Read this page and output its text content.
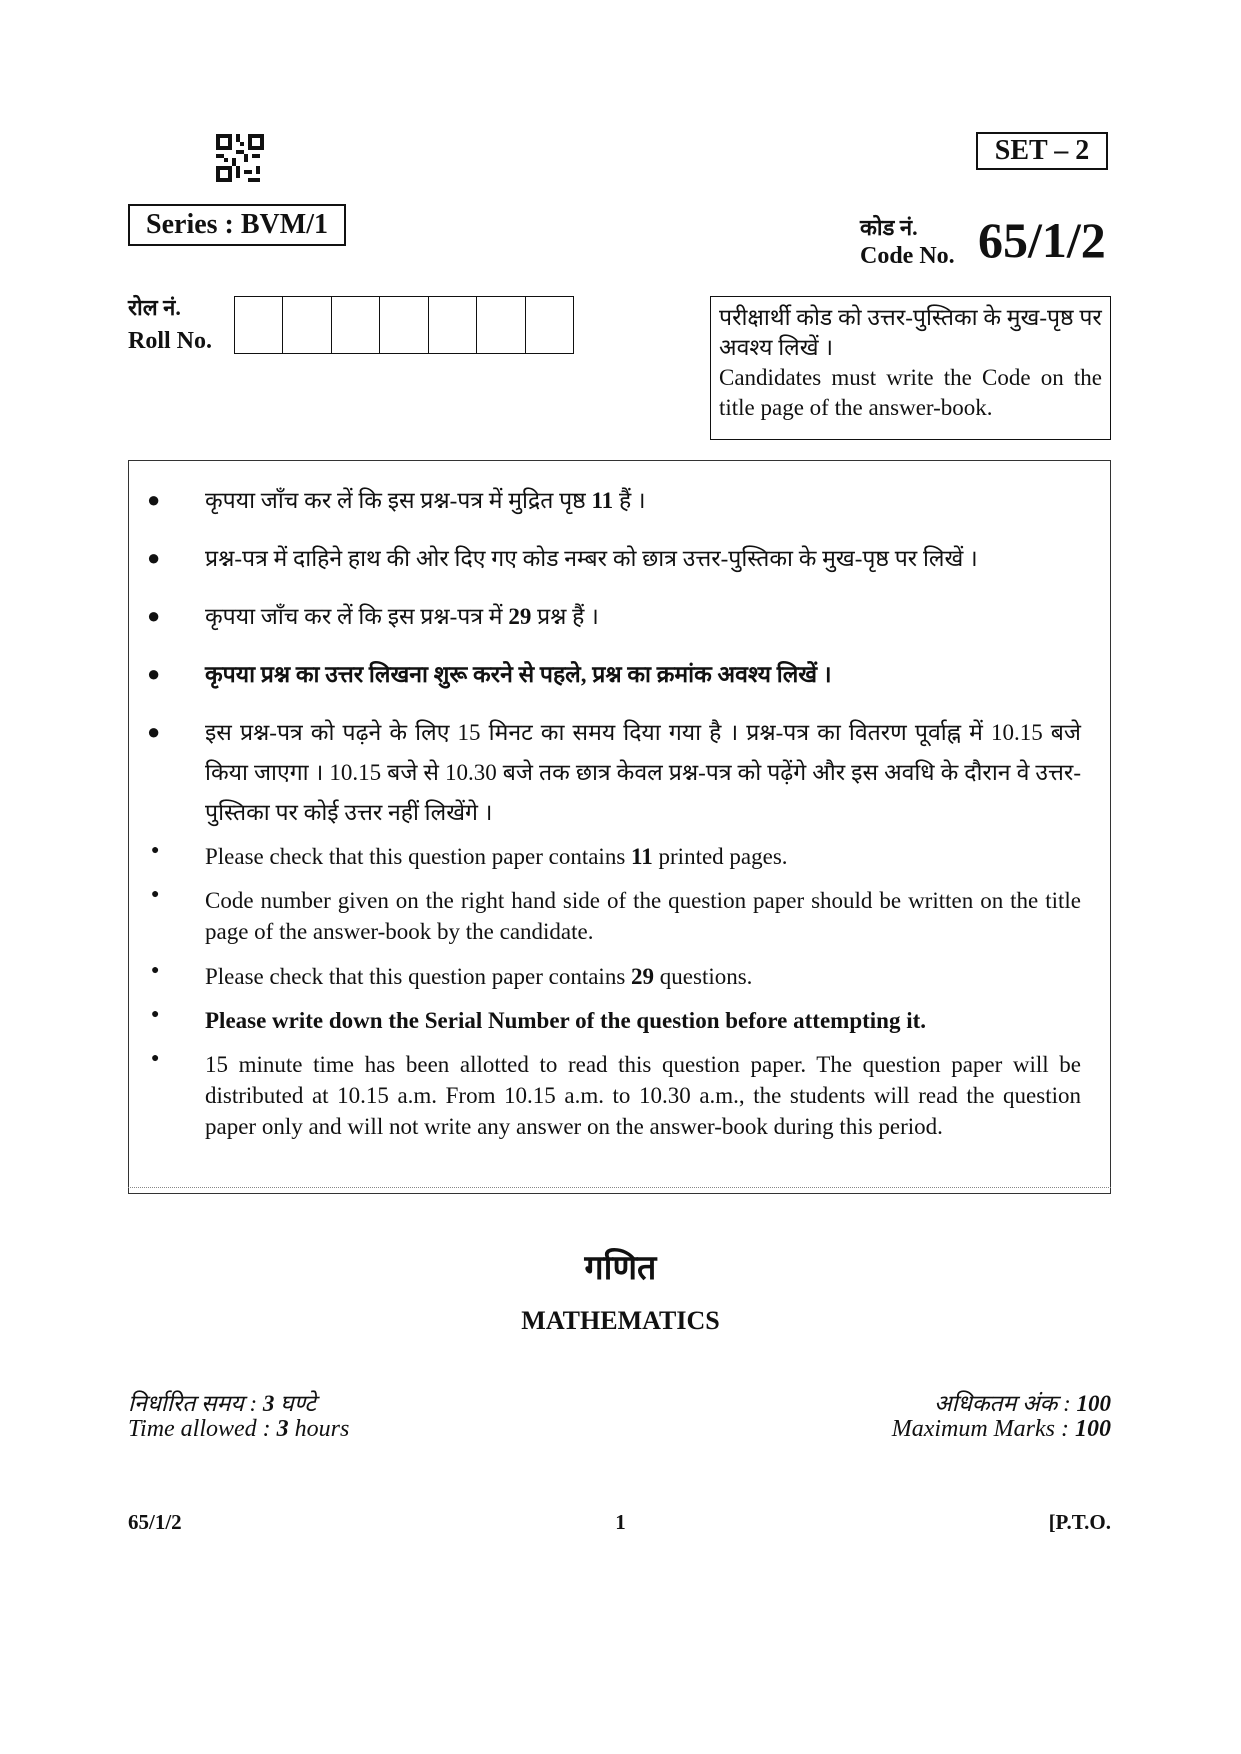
SET – 2
Series : BVM/1	कोड नं.
Code No. 65/1/2
रोल नं.
Roll No.
परीक्षार्थी कोड को उत्तर-पुस्तिका के मुख-पृष्ठ पर अवश्य लिखें ।
Candidates must write the Code on the title page of the answer-book.
● कृपया जाँच कर लें कि इस प्रश्न-पत्र में मुद्रित पृष्ठ 11 हैं ।
● प्रश्न-पत्र में दाहिने हाथ की ओर दिए गए कोड नम्बर को छात्र उत्तर-पुस्तिका के मुख-पृष्ठ पर लिखें ।
● कृपया जाँच कर लें कि इस प्रश्न-पत्र में 29 प्रश्न हैं ।
● कृपया प्रश्न का उत्तर लिखना शुरू करने से पहले, प्रश्न का क्रमांक अवश्य लिखें ।
● इस प्रश्न-पत्र को पढ़ने के लिए 15 मिनट का समय दिया गया है । प्रश्न-पत्र का वितरण पूर्वाह्न में 10.15 बजे किया जाएगा । 10.15 बजे से 10.30 बजे तक छात्र केवल प्रश्न-पत्र को पढ़ेंगे और इस अवधि के दौरान वे उत्तर-पुस्तिका पर कोई उत्तर नहीं लिखेंगे ।
● Please check that this question paper contains 11 printed pages.
● Code number given on the right hand side of the question paper should be written on the title page of the answer-book by the candidate.
● Please check that this question paper contains 29 questions.
● Please write down the Serial Number of the question before attempting it.
● 15 minute time has been allotted to read this question paper. The question paper will be distributed at 10.15 a.m. From 10.15 a.m. to 10.30 a.m., the students will read the question paper only and will not write any answer on the answer-book during this period.
गणित
MATHEMATICS
निर्धारित समय : 3 घण्टे
Time allowed : 3 hours
अधिकतम अंक : 100
Maximum Marks : 100
65/1/2	1	[P.T.O.
